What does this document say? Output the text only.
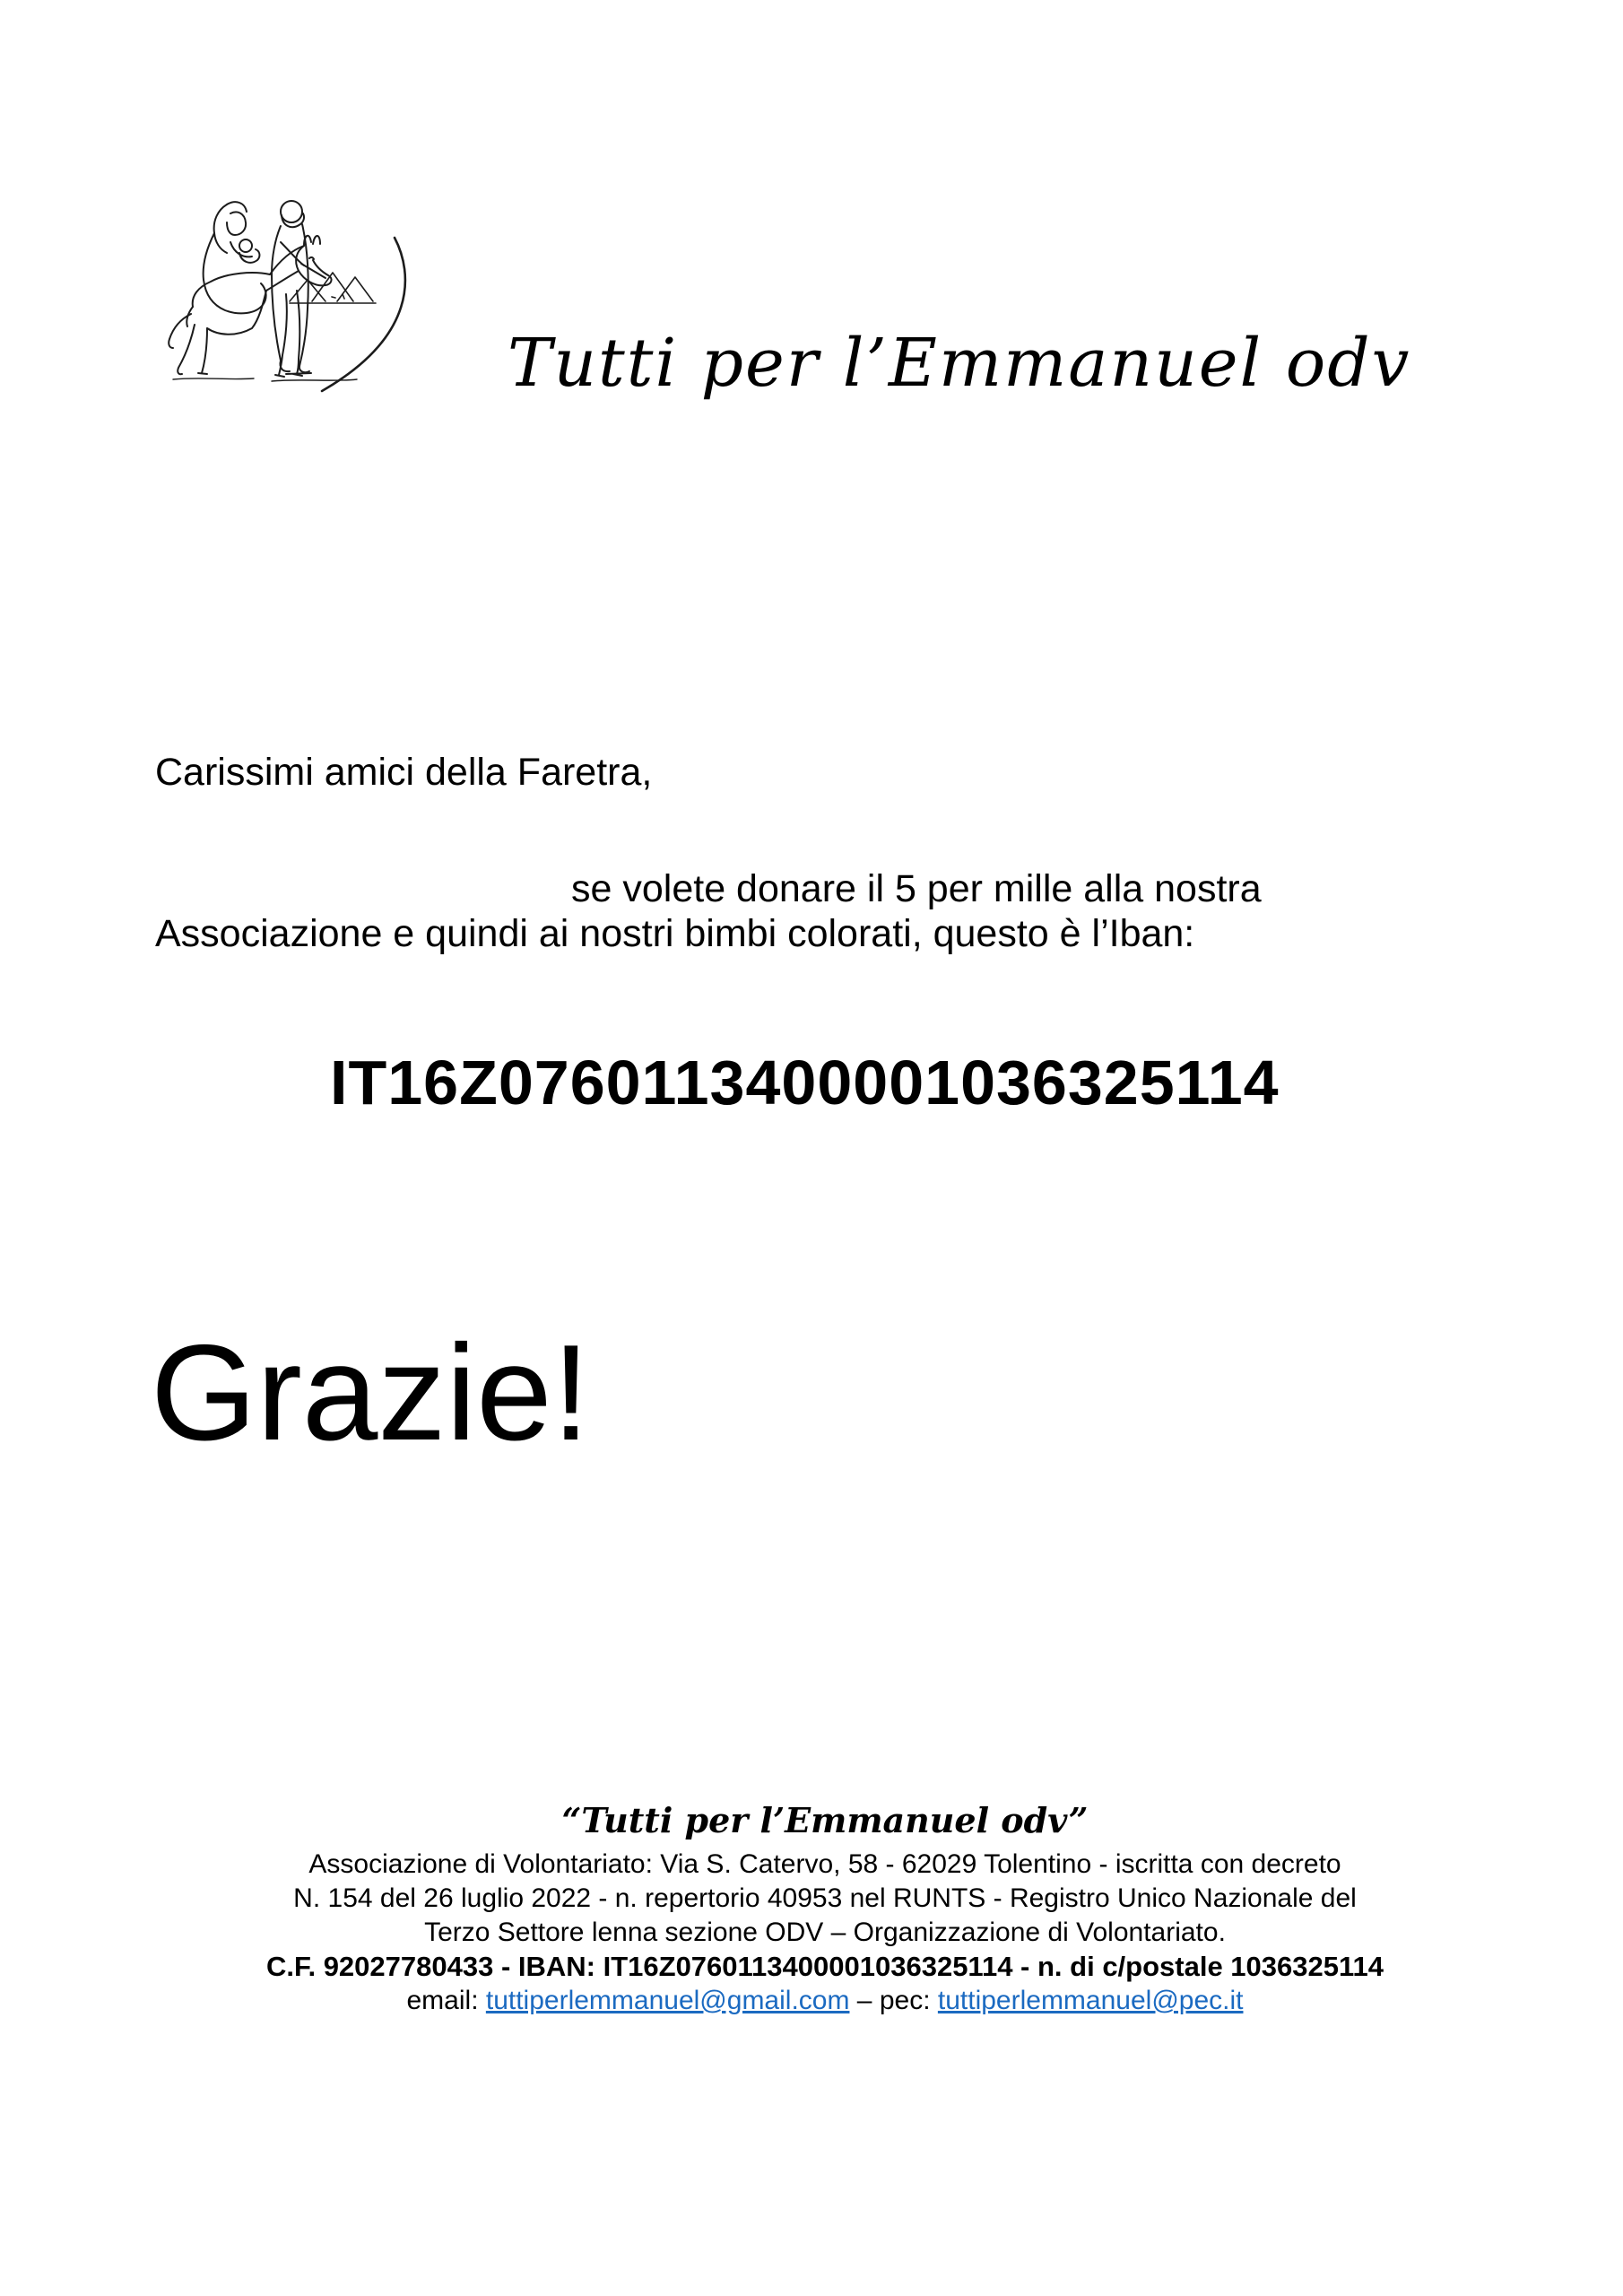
Tutti per l’Emmanuel odv
Carissimi amici della Faretra,
se volete donare il 5 per mille alla nostra
Associazione e quindi ai nostri bimbi colorati, questo è l’Iban:
IT16Z0760113400001036325114
Grazie!
“Tutti per l’Emmanuel odv”
Associazione di Volontariato: Via S. Catervo, 58 - 62029 Tolentino - iscritta con decreto
N. 154 del 26 luglio 2022 - n. repertorio 40953 nel RUNTS - Registro Unico Nazionale del
Terzo Settore lenna sezione ODV – Organizzazione di Volontariato.
C.F. 92027780433 - IBAN: IT16Z0760113400001036325114 - n. di c/postale 1036325114
email: tuttiperlemmanuel@gmail.com – pec: tuttiperlemmanuel@pec.it
